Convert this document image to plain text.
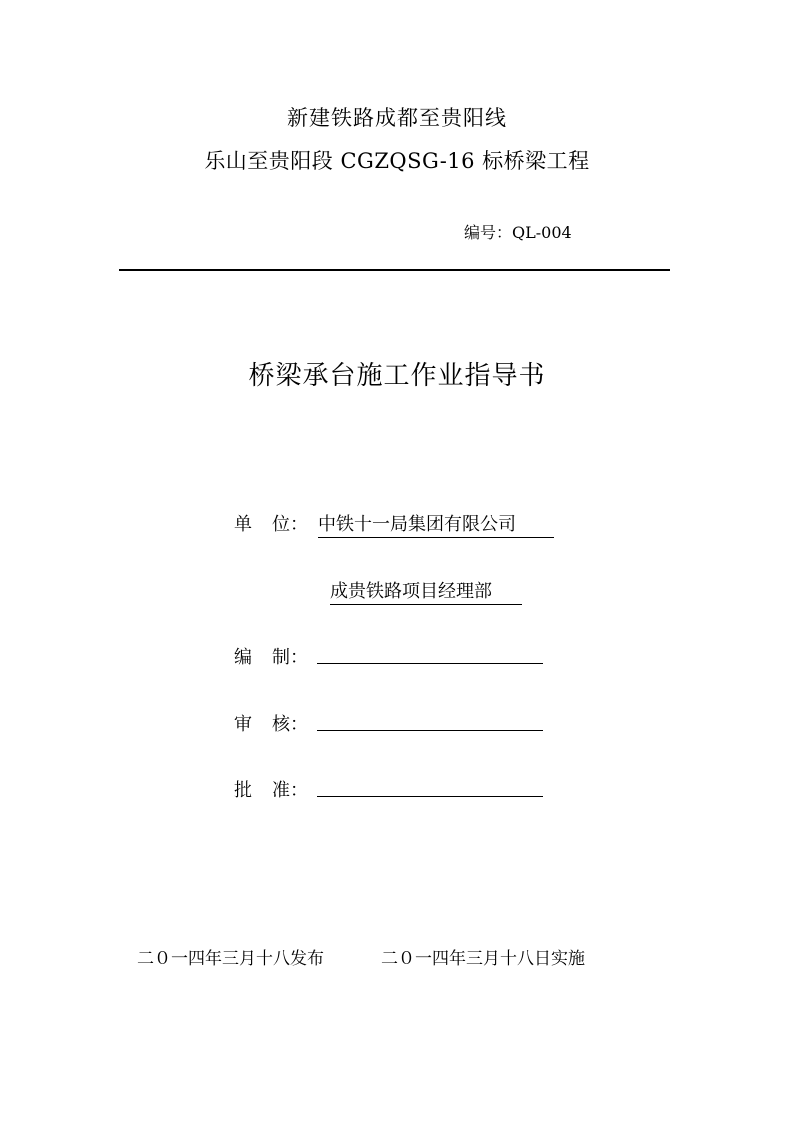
新建铁路成都至贵阳线
乐山至贵阳段 CGZQSG-16 标桥梁工程
编号：QL-004
桥梁承台施工作业指导书
单 位： 中铁十一局集团有限公司
成贵铁路项目经理部
编 制：
审 核：
批 准：
二０一四年三月十八发布	二０一四年三月十八日实施
